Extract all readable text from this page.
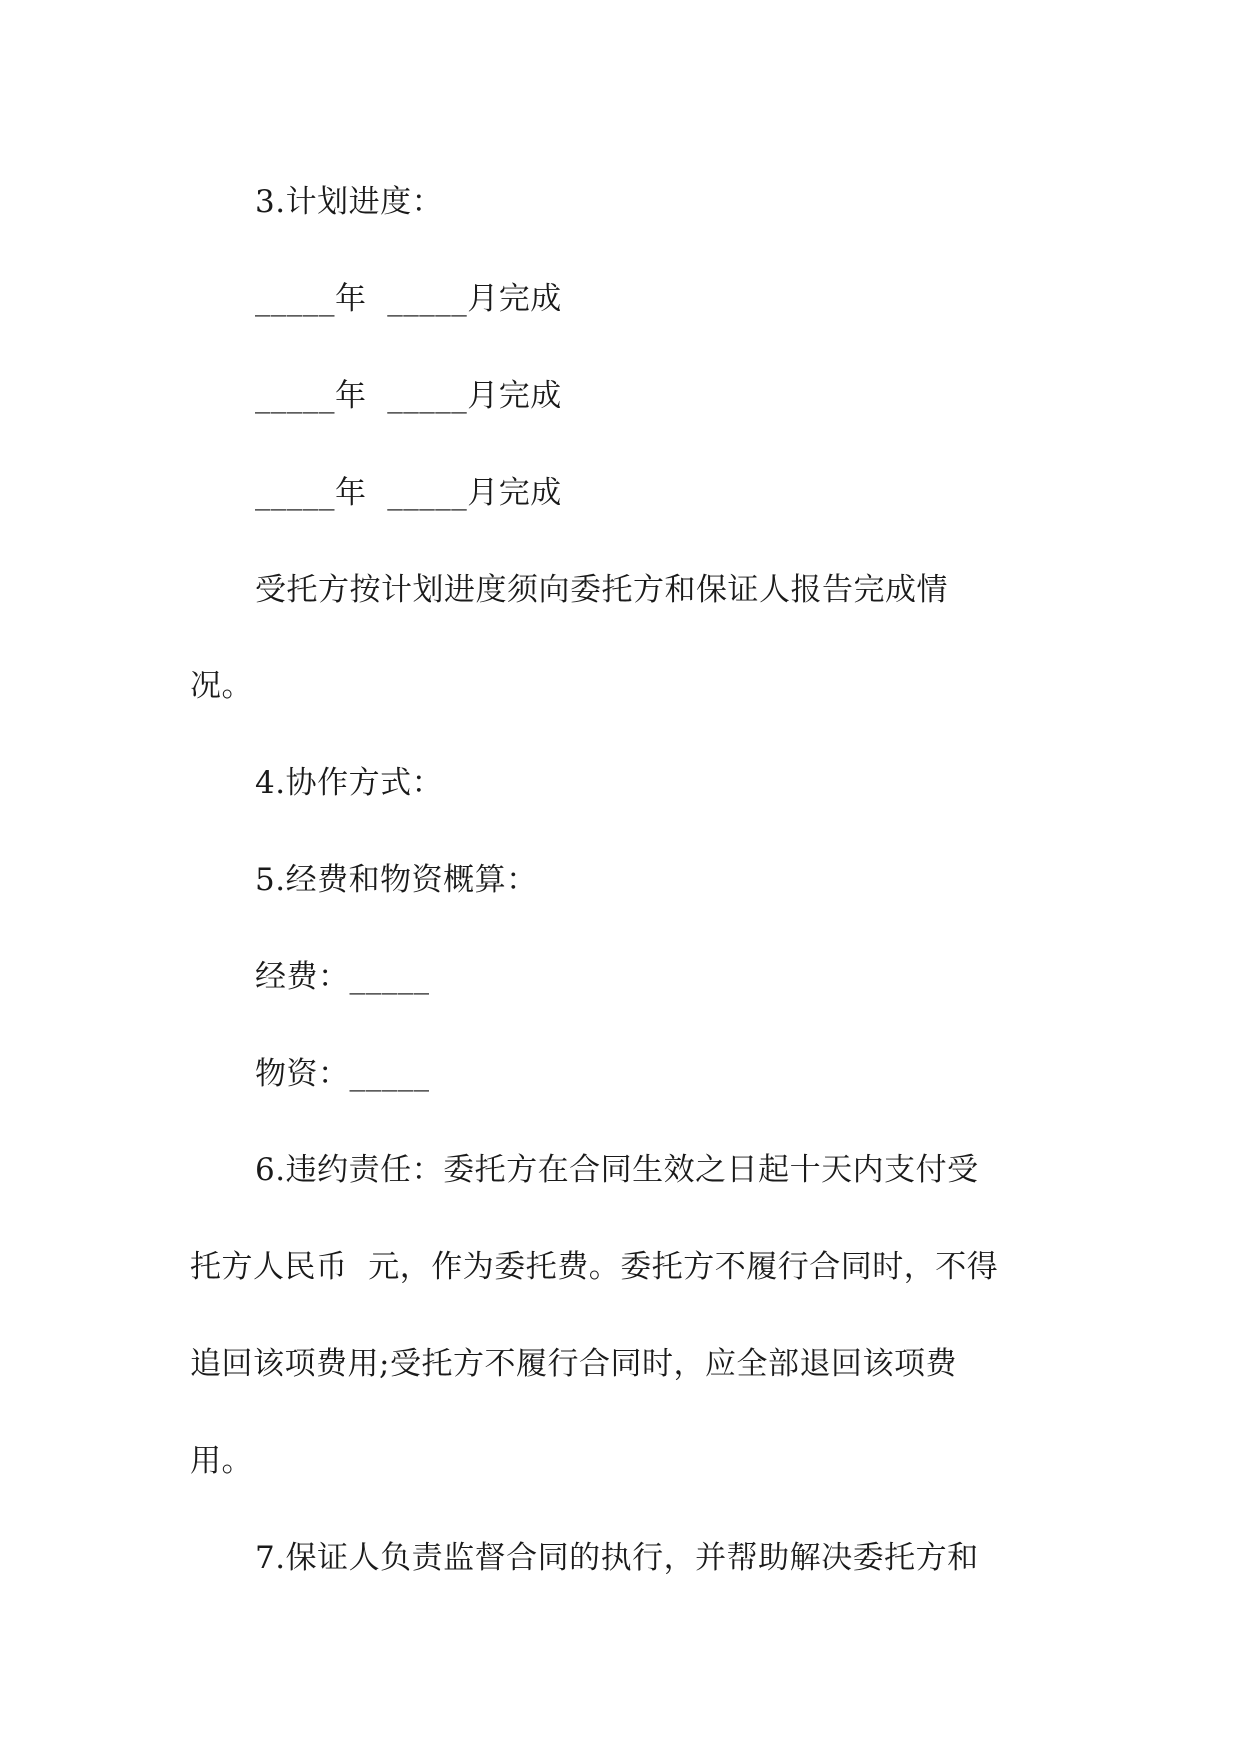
3.计划进度：
_____年  _____月完成
_____年  _____月完成
_____年  _____月完成
受托方按计划进度须向委托方和保证人报告完成情
况。
4.协作方式：
5.经费和物资概算：
经费：_____
物资：_____
6.违约责任：委托方在合同生效之日起十天内支付受
托方人民币  元，作为委托费。委托方不履行合同时，不得
追回该项费用;受托方不履行合同时，应全部退回该项费
用。
7.保证人负责监督合同的执行，并帮助解决委托方和
